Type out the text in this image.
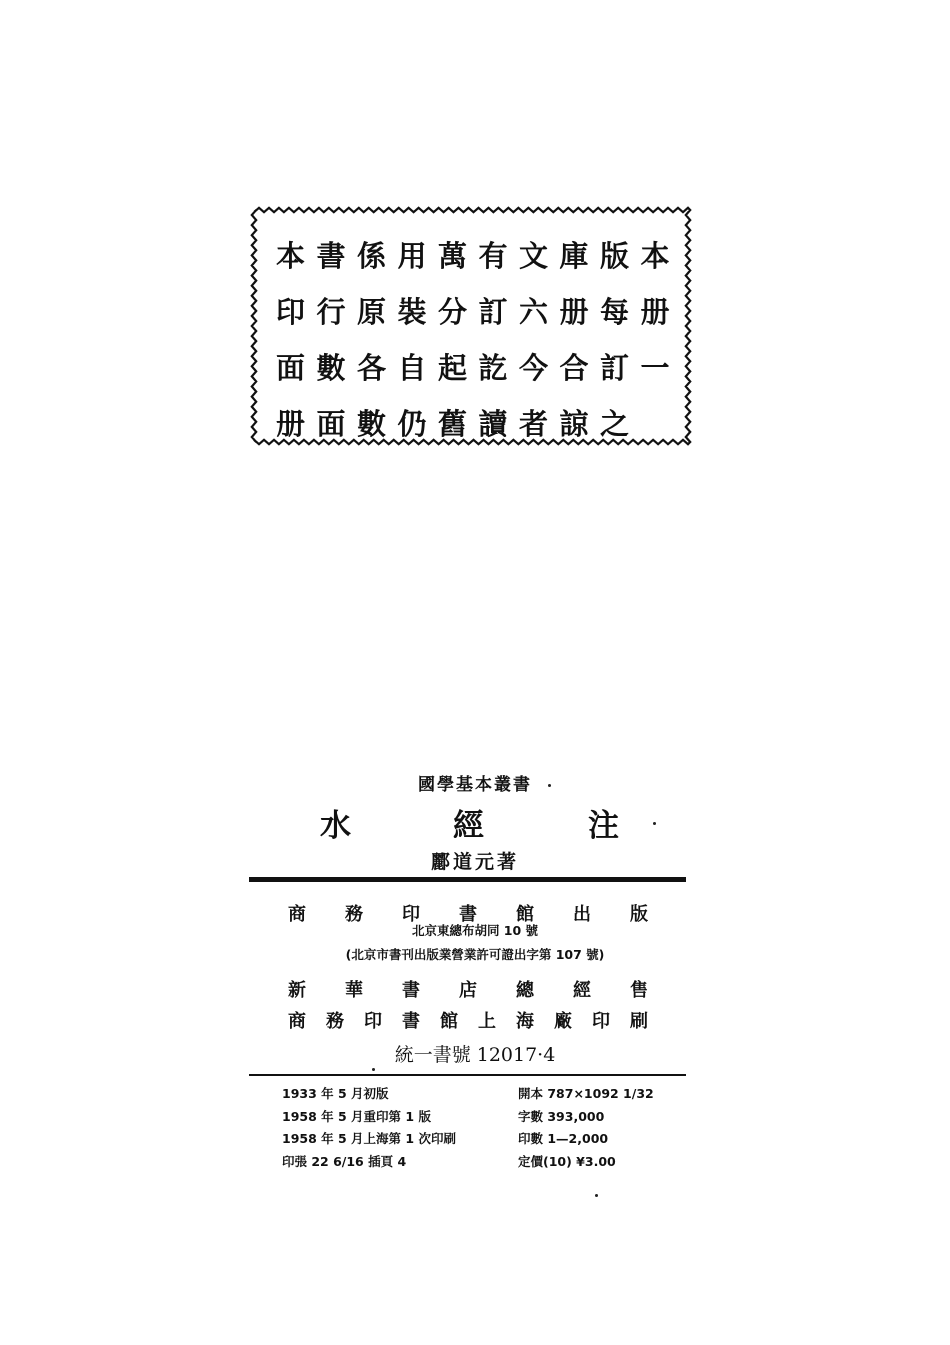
本 書 係 用 萬 有 文 庫 版 本
印 行 原 裝 分 訂 六 册 每 册
面 數 各 自 起 訖 今 合 訂 一
册 面 數 仍 舊 讀 者 諒 之
國學基本叢書
水	經	注
酈道元著
商 務 印 書 館 出 版
北京東總布胡同 10 號
(北京市書刊出版業營業許可證出字第 107 號)
新 華 書 店 總 經 售
商 務 印 書 館 上 海 廠 印 刷
統一書號 12017·4
1933 年 5 月初版
1958 年 5 月重印第 1 版
1958 年 5 月上海第 1 次印刷
印張 22 6/16 插頁 4
開本 787×1092 1/32
字數 393,000
印數 1—2,000
定價(10) ¥3.00
